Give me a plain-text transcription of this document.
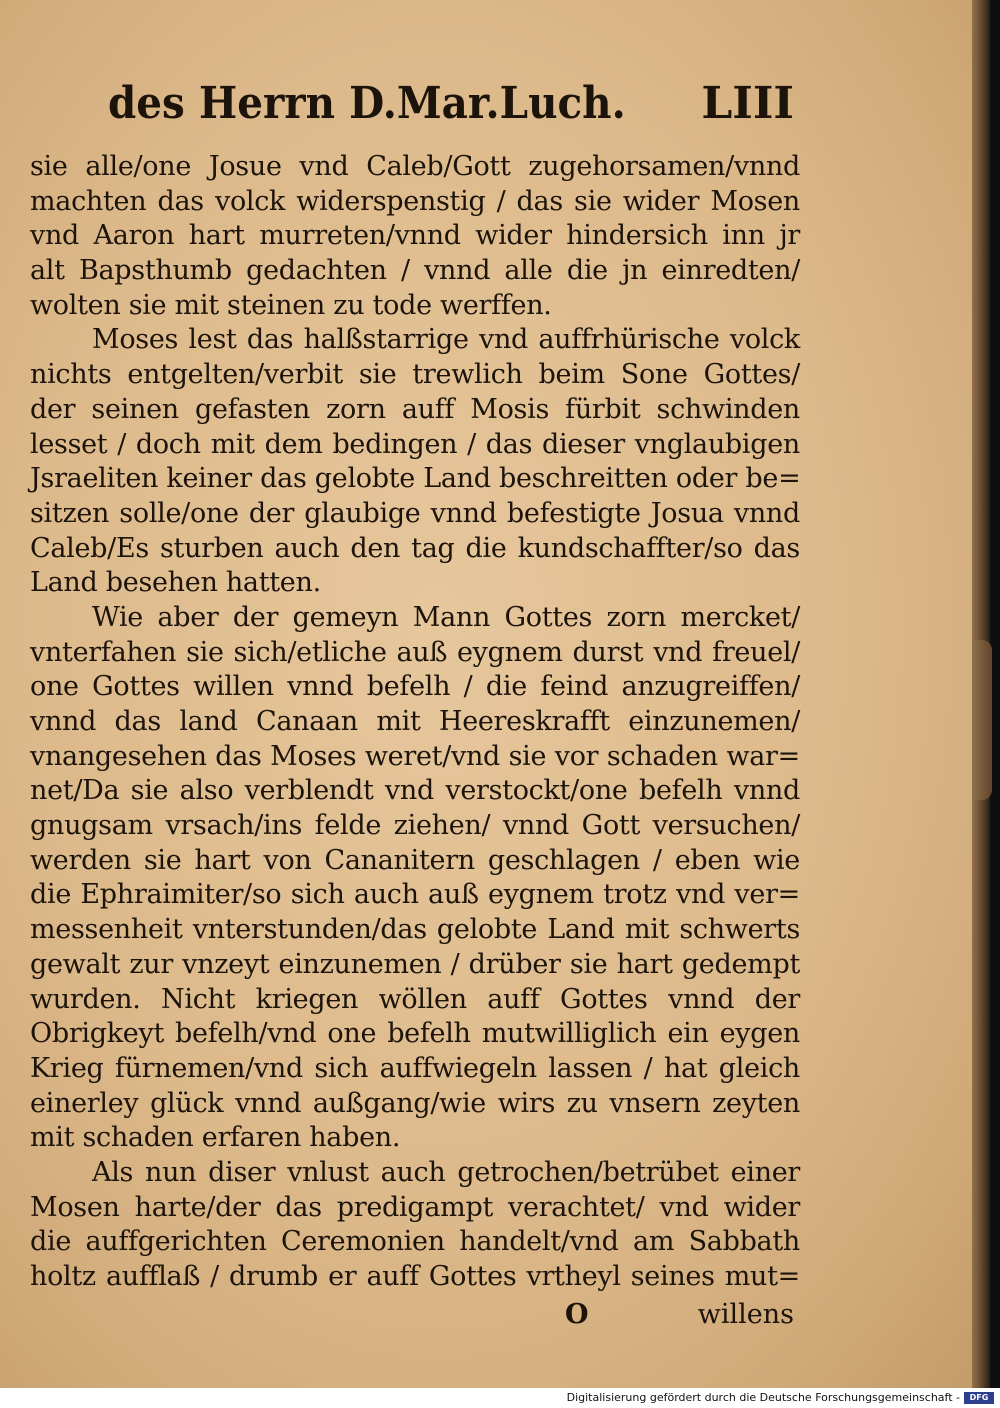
des Herrn D.Mar.Luch. LIII
sie alle/one Josue vnd Caleb/Gott zugehorsamen/vnnd
machten das volck widerspenstig / das sie wider Mosen
vnd Aaron hart murreten/vnnd wider hindersich inn jr
alt Bapsthumb gedachten / vnnd alle die jn einredten/
wolten sie mit steinen zu tode werffen.
Moses lest das halßstarrige vnd auffrhürische volck
nichts entgelten/verbit sie trewlich beim Sone Gottes/
der seinen gefasten zorn auff Mosis fürbit schwinden
lesset / doch mit dem bedingen / das dieser vnglaubigen
Jsraeliten keiner das gelobte Land beschreitten oder be=
sitzen solle/one der glaubige vnnd befestigte Josua vnnd
Caleb/Es sturben auch den tag die kundschaffter/so das
Land besehen hatten.
Wie aber der gemeyn Mann Gottes zorn mercket/
vnterfahen sie sich/etliche auß eygnem durst vnd freuel/
one Gottes willen vnnd befelh / die feind anzugreiffen/
vnnd das land Canaan mit Heereskrafft einzunemen/
vnangesehen das Moses weret/vnd sie vor schaden war=
net/Da sie also verblendt vnd verstockt/one befelh vnnd
gnugsam vrsach/ins felde ziehen/ vnnd Gott versuchen/
werden sie hart von Cananitern geschlagen / eben wie
die Ephraimiter/so sich auch auß eygnem trotz vnd ver=
messenheit vnterstunden/das gelobte Land mit schwerts
gewalt zur vnzeyt einzunemen / drüber sie hart gedempt
wurden. Nicht kriegen wöllen auff Gottes vnnd der
Obrigkeyt befelh/vnd one befelh mutwilliglich ein eygen
Krieg fürnemen/vnd sich auffwiegeln lassen / hat gleich
einerley glück vnnd außgang/wie wirs zu vnsern zeyten
mit schaden erfaren haben.
Als nun diser vnlust auch getrochen/betrübet einer
Mosen harte/der das predigampt verachtet/ vnd wider
die auffgerichten Ceremonien handelt/vnd am Sabbath
holtz aufflaß / drumb er auff Gottes vrtheyl seines mut=
O	willens
Digitalisierung gefördert durch die Deutsche Forschungsgemeinschaft -	DFG
